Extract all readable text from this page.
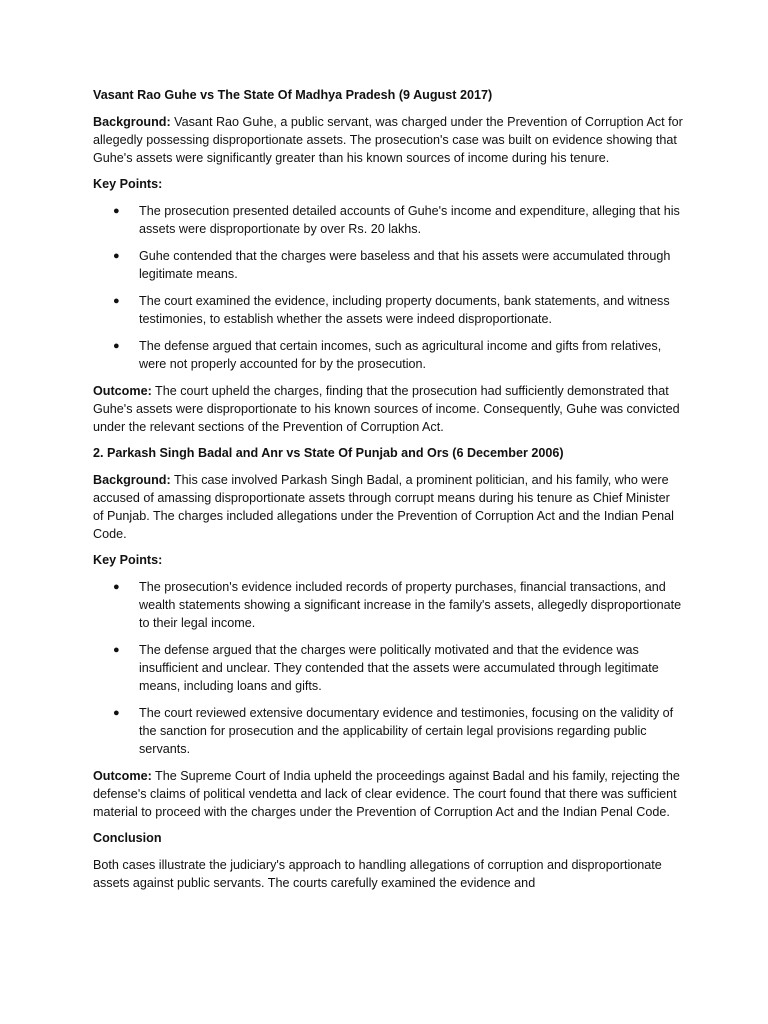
Vasant Rao Guhe vs The State Of Madhya Pradesh (9 August 2017)

Background: Vasant Rao Guhe, a public servant, was charged under the Prevention of Corruption Act for allegedly possessing disproportionate assets. The prosecution's case was built on evidence showing that Guhe's assets were significantly greater than his known sources of income during his tenure.

Key Points:

● The prosecution presented detailed accounts of Guhe's income and expenditure, alleging that his assets were disproportionate by over Rs. 20 lakhs.
● Guhe contended that the charges were baseless and that his assets were accumulated through legitimate means.
● The court examined the evidence, including property documents, bank statements, and witness testimonies, to establish whether the assets were indeed disproportionate.
● The defense argued that certain incomes, such as agricultural income and gifts from relatives, were not properly accounted for by the prosecution.

Outcome: The court upheld the charges, finding that the prosecution had sufficiently demonstrated that Guhe's assets were disproportionate to his known sources of income. Consequently, Guhe was convicted under the relevant sections of the Prevention of Corruption Act.

2. Parkash Singh Badal and Anr vs State Of Punjab and Ors (6 December 2006)

Background: This case involved Parkash Singh Badal, a prominent politician, and his family, who were accused of amassing disproportionate assets through corrupt means during his tenure as Chief Minister of Punjab. The charges included allegations under the Prevention of Corruption Act and the Indian Penal Code.

Key Points:

● The prosecution's evidence included records of property purchases, financial transactions, and wealth statements showing a significant increase in the family's assets, allegedly disproportionate to their legal income.
● The defense argued that the charges were politically motivated and that the evidence was insufficient and unclear. They contended that the assets were accumulated through legitimate means, including loans and gifts.
● The court reviewed extensive documentary evidence and testimonies, focusing on the validity of the sanction for prosecution and the applicability of certain legal provisions regarding public servants.

Outcome: The Supreme Court of India upheld the proceedings against Badal and his family, rejecting the defense's claims of political vendetta and lack of clear evidence. The court found that there was sufficient material to proceed with the charges under the Prevention of Corruption Act and the Indian Penal Code.

Conclusion

Both cases illustrate the judiciary's approach to handling allegations of corruption and disproportionate assets against public servants. The courts carefully examined the evidence and
